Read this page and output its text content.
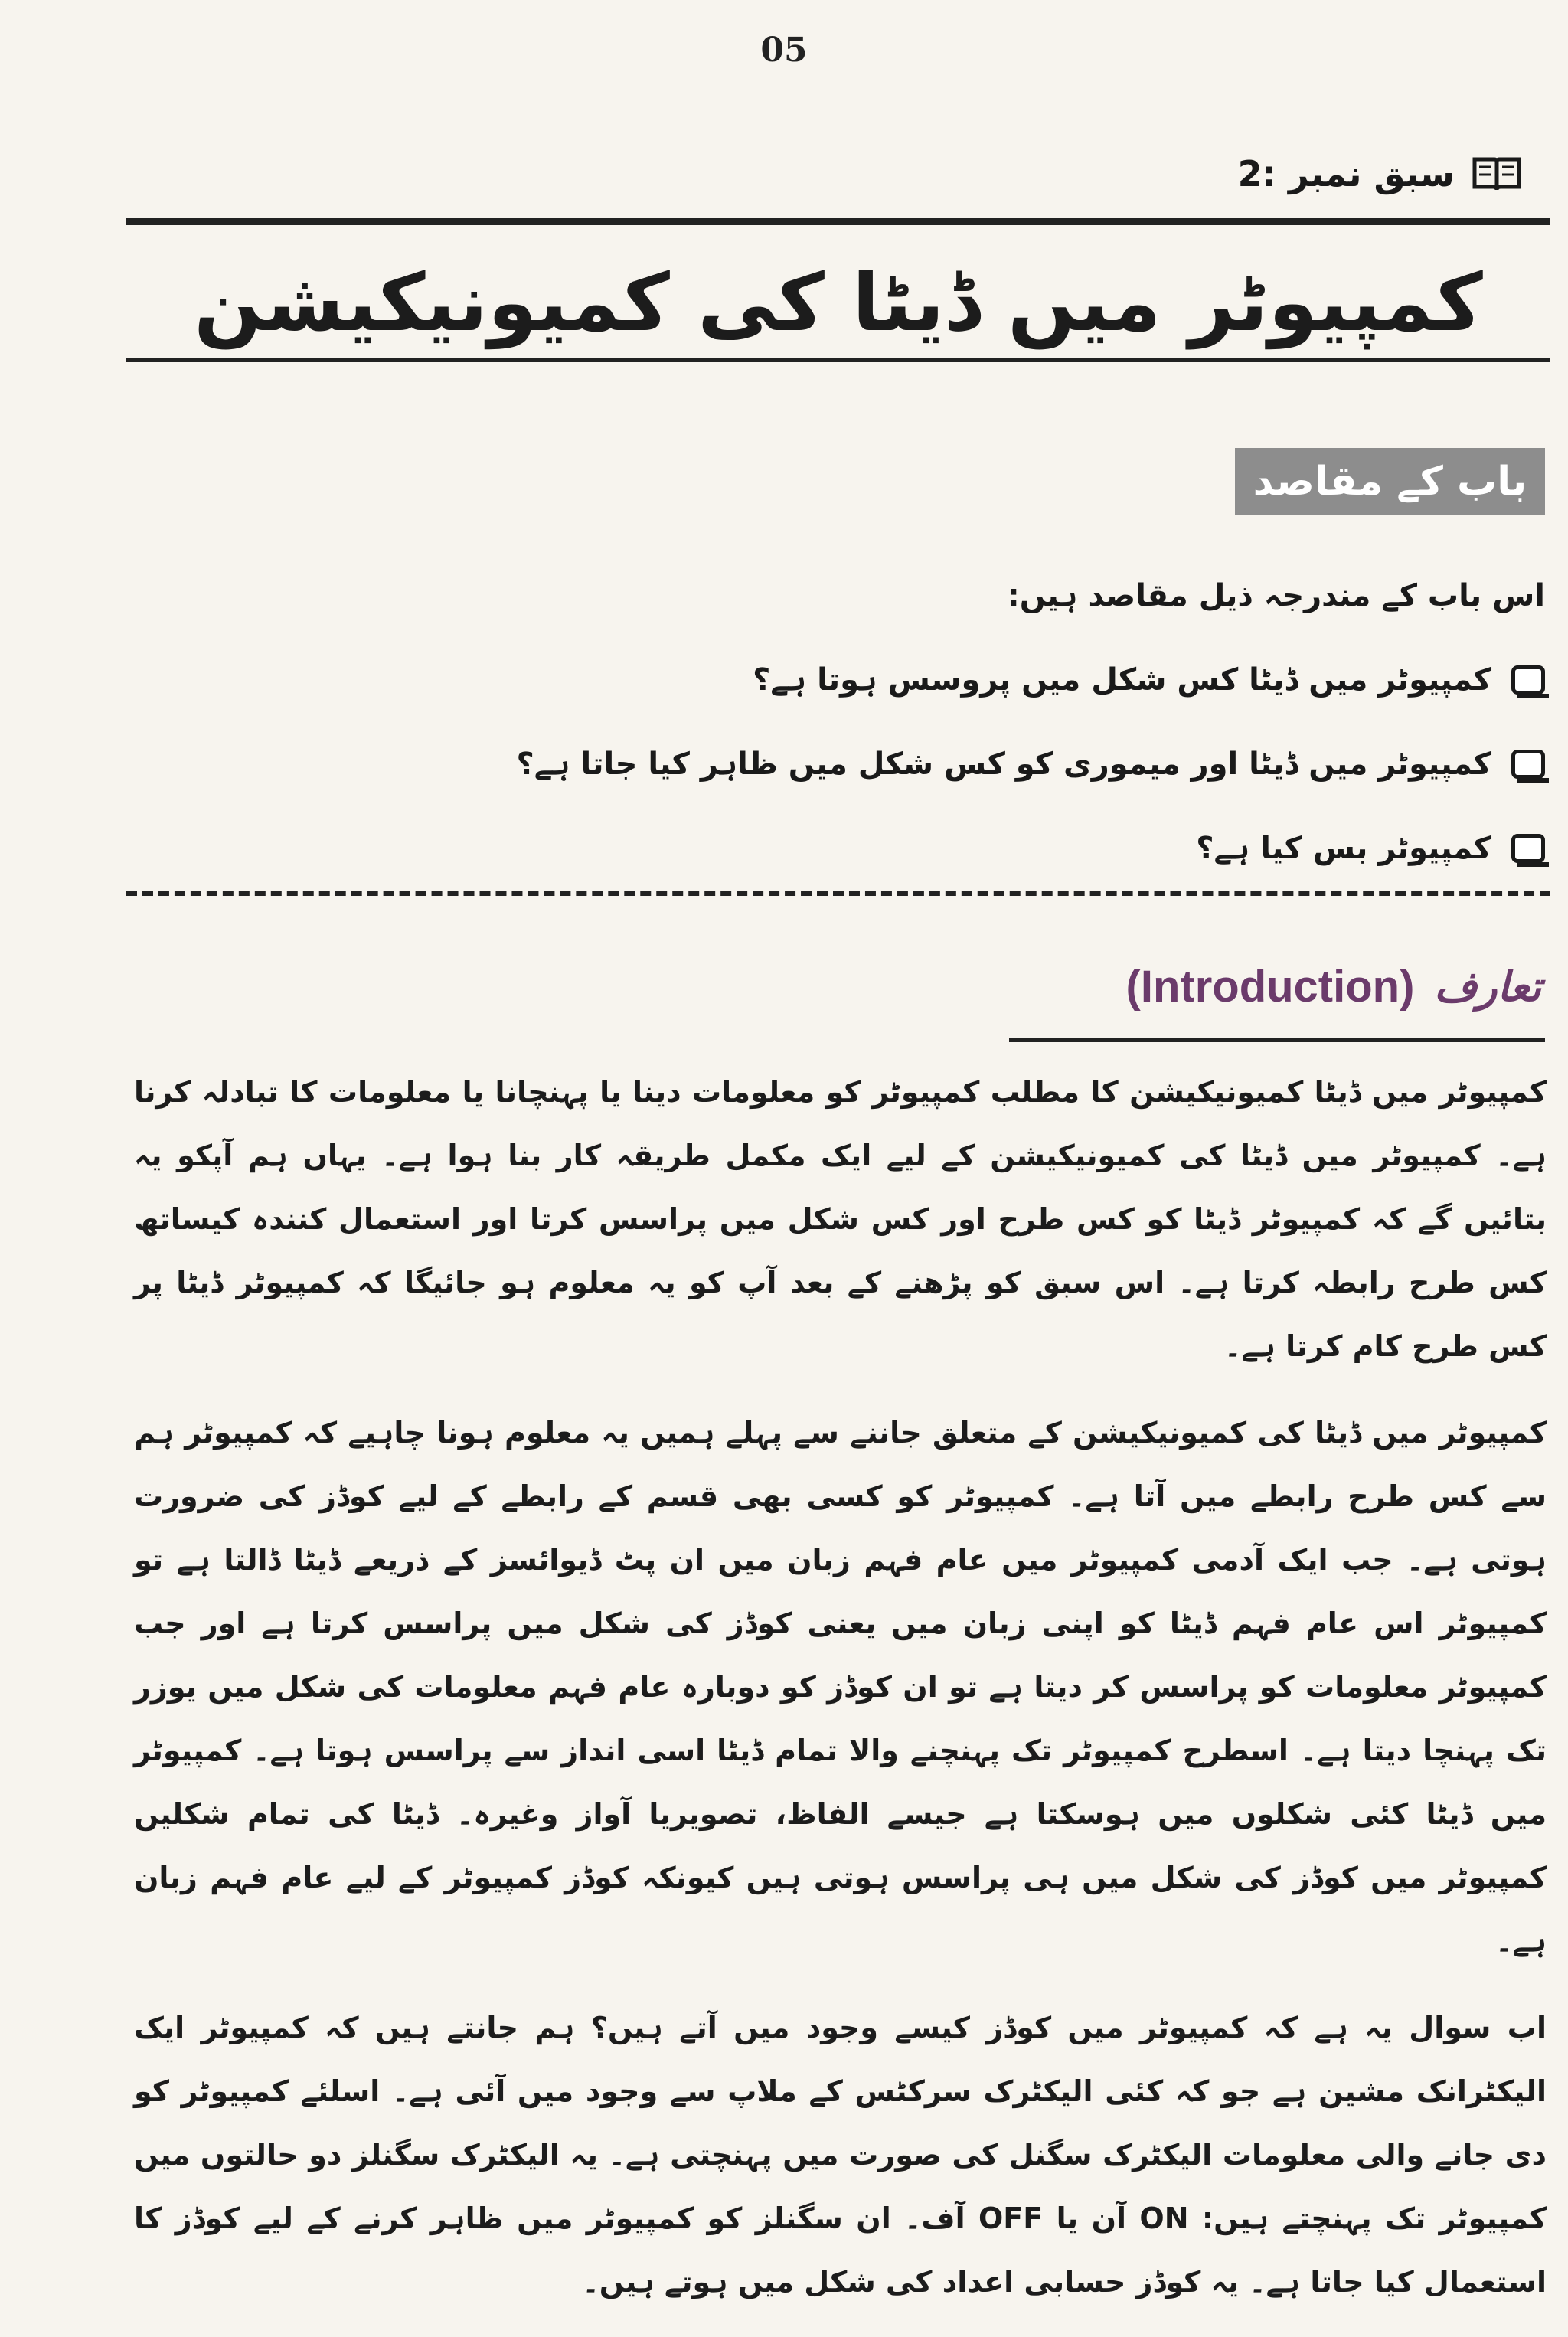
05
سبق نمبر :2
کمپیوٹر میں ڈیٹا کی کمیونیکیشن
باب کے مقاصد
اس باب کے مندرجہ ذیل مقاصد ہیں:
کمپیوٹر میں ڈیٹا کس شکل میں پروسس ہوتا ہے؟
کمپیوٹر میں ڈیٹا اور میموری کو کس شکل میں ظاہر کیا جاتا ہے؟
کمپیوٹر بس کیا ہے؟
تعارف
(Introduction)

کمپیوٹر میں ڈیٹا کمیونیکیشن کا مطلب کمپیوٹر کو معلومات دینا یا پہنچانا یا معلومات کا تبادلہ کرنا ہے۔ کمپیوٹر میں ڈیٹا کی کمیونیکیشن کے لیے ایک مکمل طریقہ کار بنا ہوا ہے۔ یہاں ہم آپکو یہ بتائیں گے کہ کمپیوٹر ڈیٹا کو کس طرح اور کس شکل میں پراسس کرتا اور استعمال کنندہ کیساتھ کس طرح رابطہ کرتا ہے۔ اس سبق کو پڑھنے کے بعد آپ کو یہ معلوم ہو جائیگا کہ کمپیوٹر ڈیٹا پر کس طرح کام کرتا ہے۔

کمپیوٹر میں ڈیٹا کی کمیونیکیشن کے متعلق جاننے سے پہلے ہمیں یہ معلوم ہونا چاہیے کہ کمپیوٹر ہم سے کس طرح رابطے میں آتا ہے۔ کمپیوٹر کو کسی بھی قسم کے رابطے کے لیے کوڈز کی ضرورت ہوتی ہے۔ جب ایک آدمی کمپیوٹر میں عام فہم زبان میں ان پٹ ڈیوائسز کے ذریعے ڈیٹا ڈالتا ہے تو کمپیوٹر اس عام فہم ڈیٹا کو اپنی زبان میں یعنی کوڈز کی شکل میں پراسس کرتا ہے اور جب کمپیوٹر معلومات کو پراسس کر دیتا ہے تو ان کوڈز کو دوبارہ عام فہم معلومات کی شکل میں یوزر تک پہنچا دیتا ہے۔ اسطرح کمپیوٹر تک پہنچنے والا تمام ڈیٹا اسی انداز سے پراسس ہوتا ہے۔ کمپیوٹر میں ڈیٹا کئی شکلوں میں ہوسکتا ہے جیسے الفاظ، تصویریا آواز وغیرہ۔ ڈیٹا کی تمام شکلیں کمپیوٹر میں کوڈز کی شکل میں ہی پراسس ہوتی ہیں کیونکہ کوڈز کمپیوٹر کے لیے عام فہم زبان ہے۔

اب سوال یہ ہے کہ کمپیوٹر میں کوڈز کیسے وجود میں آتے ہیں؟ ہم جانتے ہیں کہ کمپیوٹر ایک الیکٹرانک مشین ہے جو کہ کئی الیکٹرک سرکٹس کے ملاپ سے وجود میں آئی ہے۔ اسلئے کمپیوٹر کو دی جانے والی معلومات الیکٹرک سگنل کی صورت میں پہنچتی ہے۔ یہ الیکٹرک سگنلز دو حالتوں میں کمپیوٹر تک پہنچتے ہیں: ON آن یا OFF آف۔ ان سگنلز کو کمپیوٹر میں ظاہر کرنے کے لیے کوڈز کا استعمال کیا جاتا ہے۔ یہ کوڈز حسابی اعداد کی شکل میں ہوتے ہیں۔
